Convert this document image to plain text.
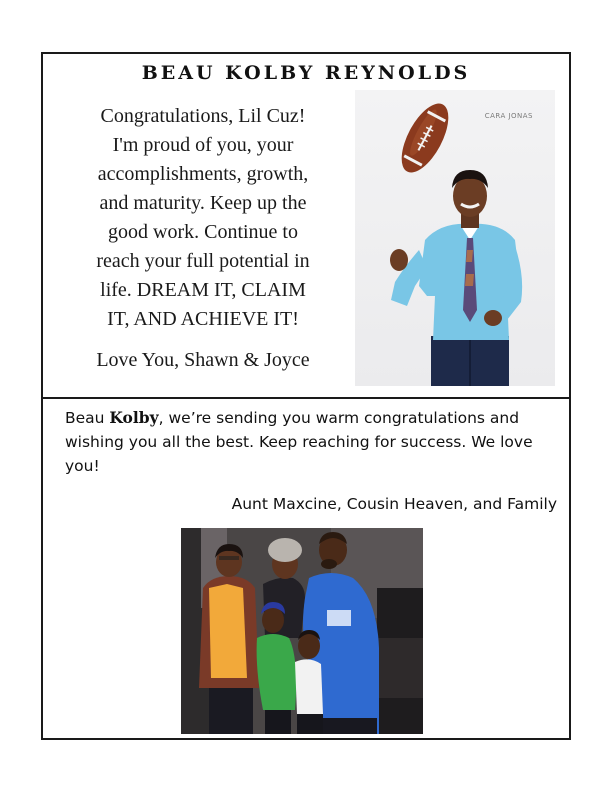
BEAU KOLBY REYNOLDS
Congratulations, Lil Cuz!
I'm proud of you, your
accomplishments, growth,
and maturity. Keep up the
good work. Continue to
reach your full potential in
life. DREAM IT, CLAIM
IT, AND ACHIEVE IT!
Love You, Shawn & Joyce
CARA JONAS
Beau Kolby, we’re sending you warm congratulations and wishing you all the best. Keep reaching for success. We love you!
Aunt Maxcine, Cousin Heaven, and Family
